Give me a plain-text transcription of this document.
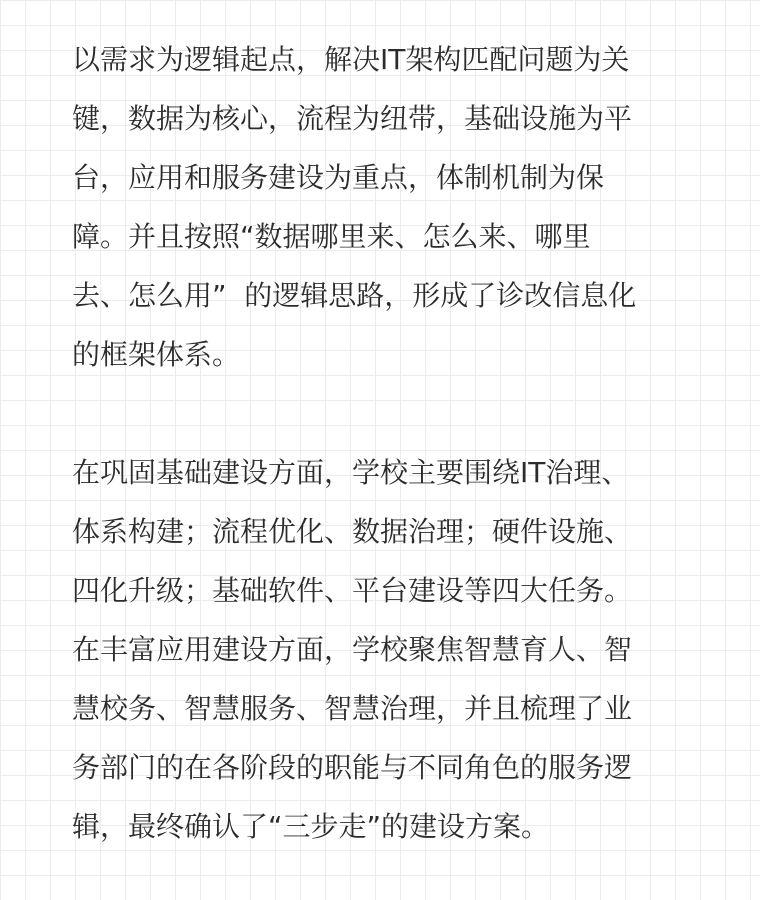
以需求为逻辑起点，解决IT架构匹配问题为关
键，数据为核心，流程为纽带，基础设施为平
台，应用和服务建设为重点，体制机制为保
障。并且按照“数据哪里来、怎么来、哪里
去、怎么用”  的逻辑思路，形成了诊改信息化
的框架体系。
在巩固基础建设方面，学校主要围绕IT治理、
体系构建；流程优化、数据治理；硬件设施、
四化升级；基础软件、平台建设等四大任务。
在丰富应用建设方面，学校聚焦智慧育人、智
慧校务、智慧服务、智慧治理，并且梳理了业
务部门的在各阶段的职能与不同角色的服务逻
辑，最终确认了“三步走”的建设方案。
